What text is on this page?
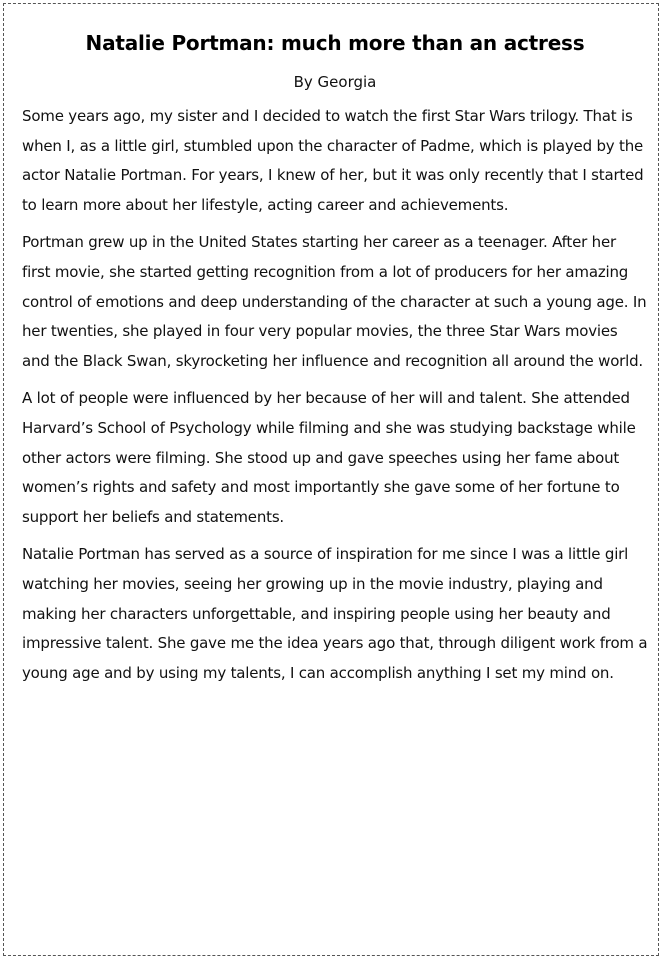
Natalie Portman: much more than an actress

By Georgia

Some years ago, my sister and I decided to watch the first Star Wars trilogy. That is when I, as a little girl, stumbled upon the character of Padme, which is played by the actor Natalie Portman. For years, I knew of her, but it was only recently that I started to learn more about her lifestyle, acting career and achievements.

Portman grew up in the United States starting her career as a teenager. After her first movie, she started getting recognition from a lot of producers for her amazing control of emotions and deep understanding of the character at such a young age. In her twenties, she played in four very popular movies, the three Star Wars movies and the Black Swan, skyrocketing her influence and recognition all around the world.

A lot of people were influenced by her because of her will and talent. She attended Harvard’s School of Psychology while filming and she was studying backstage while other actors were filming. She stood up and gave speeches using her fame about women’s rights and safety and most importantly she gave some of her fortune to support her beliefs and statements.

Natalie Portman has served as a source of inspiration for me since I was a little girl watching her movies, seeing her growing up in the movie industry, playing and making her characters unforgettable, and inspiring people using her beauty and impressive talent. She gave me the idea years ago that, through diligent work from a young age and by using my talents, I can accomplish anything I set my mind on.
